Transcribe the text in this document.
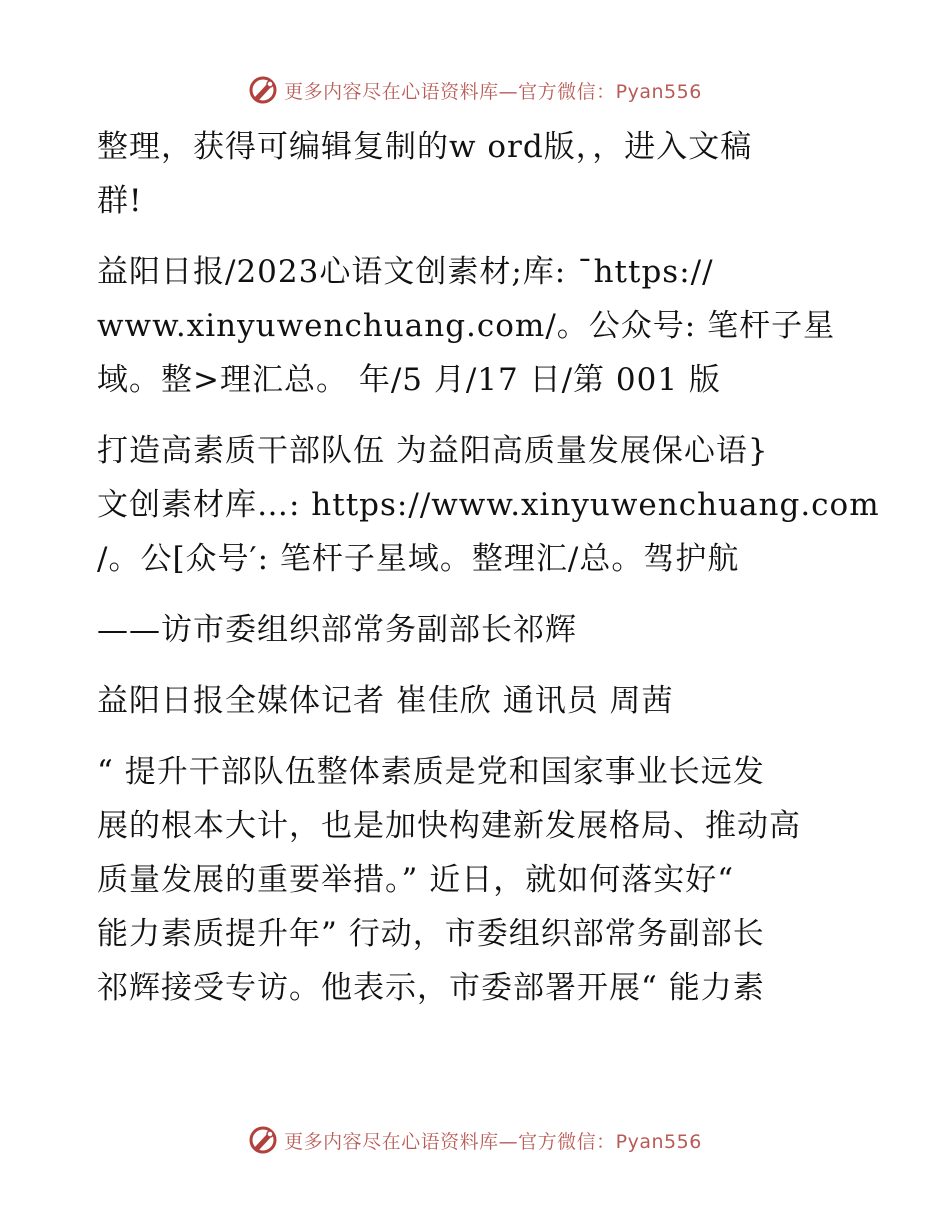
更多内容尽在心语资料库—官方微信：Pyan556

整理，获得可编辑复制的w ord版，，进入文稿
群!

益阳日报/2023心语文创素材;库: ¯https://
www.xinyuwenchuang.com/。公众号: 笔杆子星
域。整>理汇总。 年/5 月/17 日/第 001 版

打造高素质干部队伍 为益阳高质量发展保心语}
文创素材库…: https://www.xinyuwenchuang.com
/。公[众号′: 笔杆子星域。整理汇/总。驾护航

——访市委组织部常务副部长祁辉

益阳日报全媒体记者 崔佳欣 通讯员 周茜

“ 提升干部队伍整体素质是党和国家事业长远发
展的根本大计，也是加快构建新发展格局、推动高
质量发展的重要举措。” 近日，就如何落实好“
能力素质提升年” 行动，市委组织部常务副部长
祁辉接受专访。他表示，市委部署开展“ 能力素

更多内容尽在心语资料库—官方微信：Pyan556
